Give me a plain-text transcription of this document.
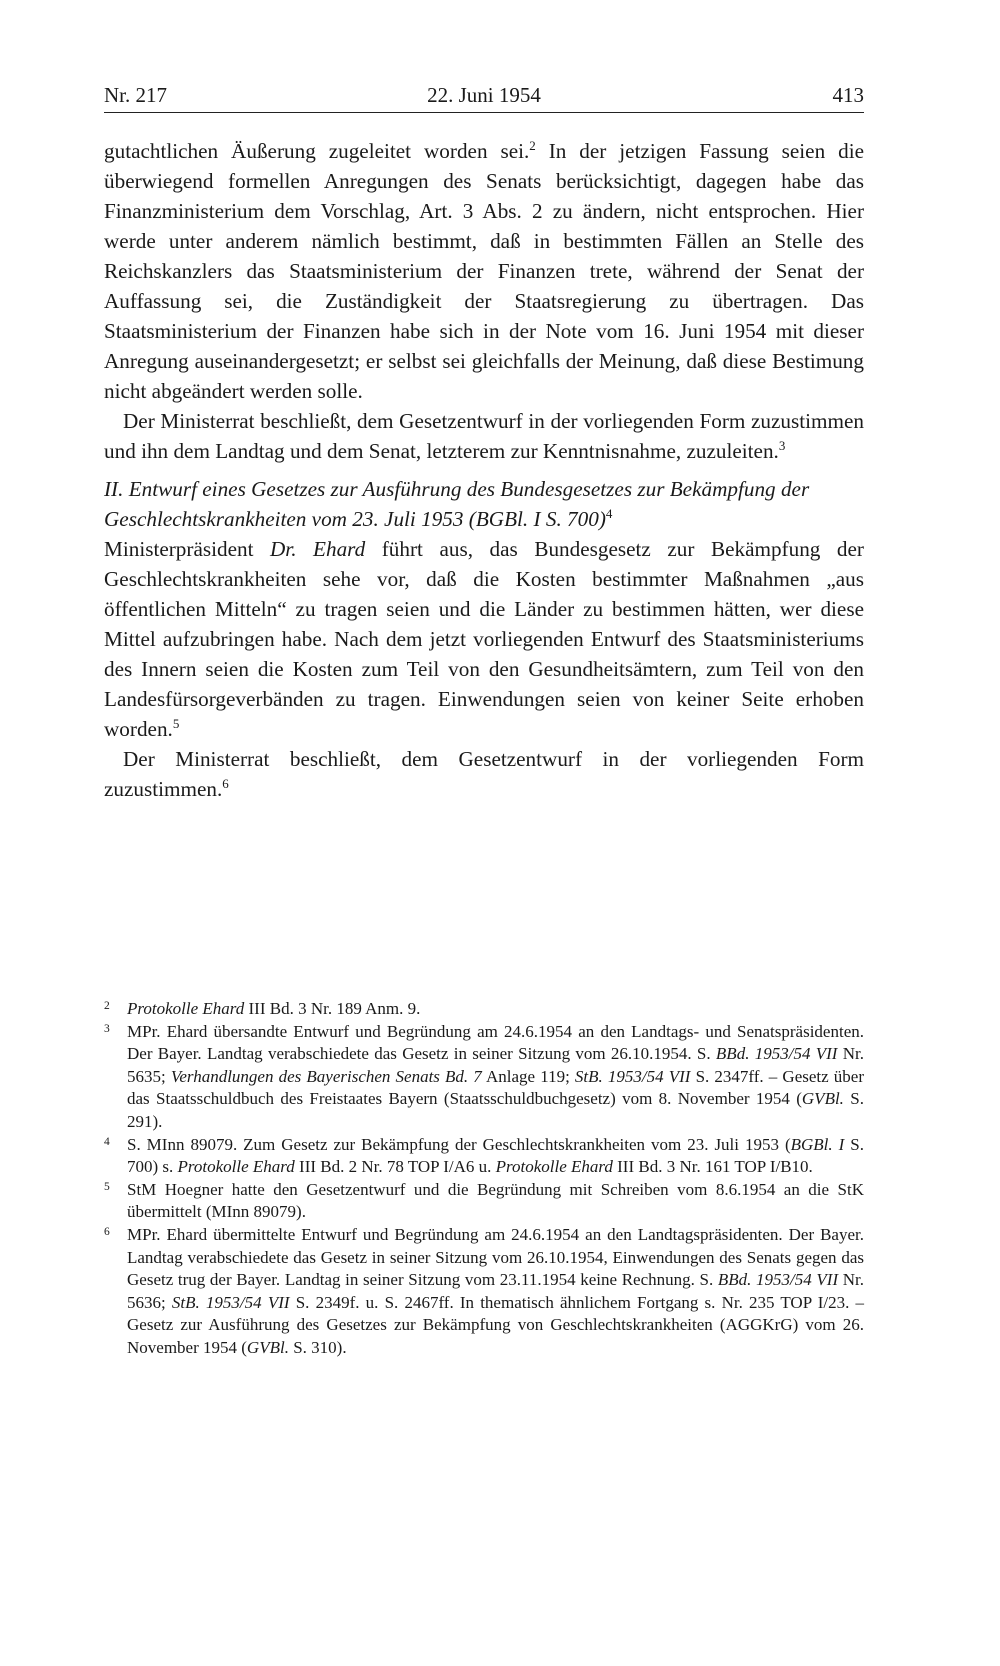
Nr. 217	22. Juni 1954	413

gutachtlichen Äußerung zugeleitet worden sei.$^2$ In der jetzigen Fassung seien die überwiegend formellen Anregungen des Senats berücksichtigt, dagegen habe das Finanzministerium dem Vorschlag, Art. 3 Abs. 2 zu ändern, nicht entsprochen. Hier werde unter anderem nämlich bestimmt, daß in bestimmten Fällen an Stelle des Reichskanzlers das Staatsministerium der Finanzen trete, während der Senat der Auffassung sei, die Zuständigkeit der Staatsregierung zu übertragen. Das Staatsministerium der Finanzen habe sich in der Note vom 16. Juni 1954 mit dieser Anregung auseinandergesetzt; er selbst sei gleichfalls der Meinung, daß diese Bestimung nicht abgeändert werden solle.

Der Ministerrat beschließt, dem Gesetzentwurf in der vorliegenden Form zuzustimmen und ihn dem Landtag und dem Senat, letzterem zur Kenntnisnahme, zuzuleiten.$^3$

II. Entwurf eines Gesetzes zur Ausführung des Bundesgesetzes zur Bekämpfung der Geschlechtskrankheiten vom 23. Juli 1953 (BGBl. I S. 700)$^4$

Ministerpräsident Dr. Ehard führt aus, das Bundesgesetz zur Bekämpfung der Geschlechtskrankheiten sehe vor, daß die Kosten bestimmter Maßnahmen „aus öffentlichen Mitteln“ zu tragen seien und die Länder zu bestimmen hätten, wer diese Mittel aufzubringen habe. Nach dem jetzt vorliegenden Entwurf des Staatsministeriums des Innern seien die Kosten zum Teil von den Gesundheitsämtern, zum Teil von den Landesfürsorgeverbänden zu tragen. Einwendungen seien von keiner Seite erhoben worden.$^5$

Der Ministerrat beschließt, dem Gesetzentwurf in der vorliegenden Form zuzustimmen.$^6$

2 Protokolle Ehard III Bd. 3 Nr. 189 Anm. 9.

3 MPr. Ehard übersandte Entwurf und Begründung am 24.6.1954 an den Landtags- und Senatspräsidenten. Der Bayer. Landtag verabschiedete das Gesetz in seiner Sitzung vom 26.10.1954. S. BBd. 1953/54 VII Nr. 5635; Verhandlungen des Bayerischen Senats Bd. 7 Anlage 119; StB. 1953/54 VII S. 2347ff. – Gesetz über das Staatsschuldbuch des Freistaates Bayern (Staatsschuldbuchgesetz) vom 8. November 1954 (GVBl. S. 291).

4 S. MInn 89079. Zum Gesetz zur Bekämpfung der Geschlechtskrankheiten vom 23. Juli 1953 (BGBl. I S. 700) s. Protokolle Ehard III Bd. 2 Nr. 78 TOP I/A6 u. Protokolle Ehard III Bd. 3 Nr. 161 TOP I/B10.

5 StM Hoegner hatte den Gesetzentwurf und die Begründung mit Schreiben vom 8.6.1954 an die StK übermittelt (MInn 89079).

6 MPr. Ehard übermittelte Entwurf und Begründung am 24.6.1954 an den Landtagspräsidenten. Der Bayer. Landtag verabschiedete das Gesetz in seiner Sitzung vom 26.10.1954, Einwendungen des Senats gegen das Gesetz trug der Bayer. Landtag in seiner Sitzung vom 23.11.1954 keine Rechnung. S. BBd. 1953/54 VII Nr. 5636; StB. 1953/54 VII S. 2349f. u. S. 2467ff. In thematisch ähnlichem Fortgang s. Nr. 235 TOP I/23. – Gesetz zur Ausführung des Gesetzes zur Bekämpfung von Geschlechtskrankheiten (AGGKrG) vom 26. November 1954 (GVBl. S. 310).
